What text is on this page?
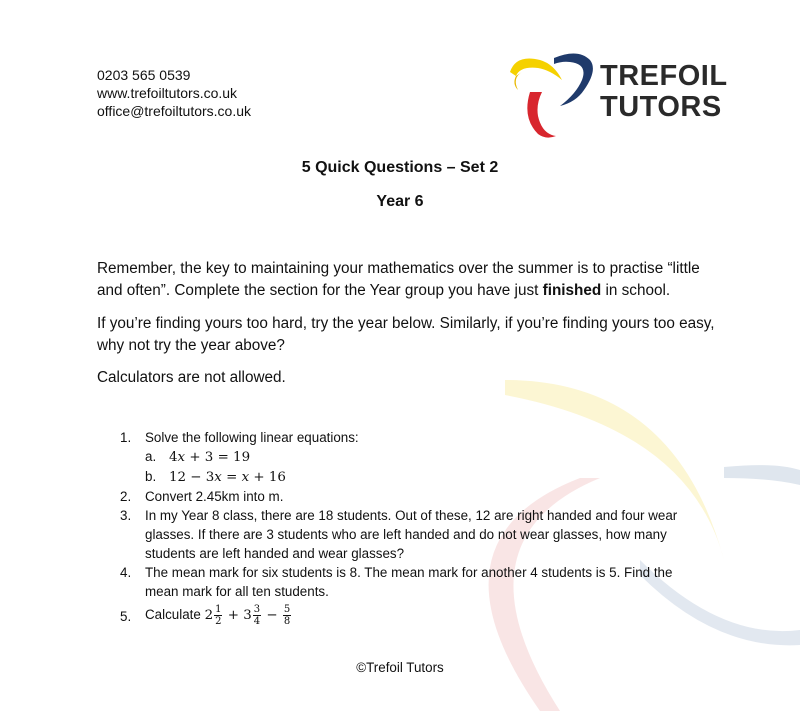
0203 565 0539
www.trefoiltutors.co.uk
office@trefoiltutors.co.uk
TREFOIL
TUTORS
5 Quick Questions – Set 2
Year 6
Remember, the key to maintaining your mathematics over the summer is to practise “little and often”. Complete the section for the Year group you have just finished in school.
If you’re finding yours too hard, try the year below. Similarly, if you’re finding yours too easy, why not try the year above?
Calculators are not allowed.
1. Solve the following linear equations:
a. 4𝑥 + 3 = 19
b. 12 − 3𝑥 = 𝑥 + 16
2. Convert 2.45km into m.
3. In my Year 8 class, there are 18 students. Out of these, 12 are right handed and four wear glasses. If there are 3 students who are left handed and do not wear glasses, how many students are left handed and wear glasses?
4. The mean mark for six students is 8. The mean mark for another 4 students is 5. Find the mean mark for all ten students.
5. Calculate $2 \frac{1}{2} + 3 \frac{3}{4} - \frac{5}{8}$
©Trefoil Tutors
